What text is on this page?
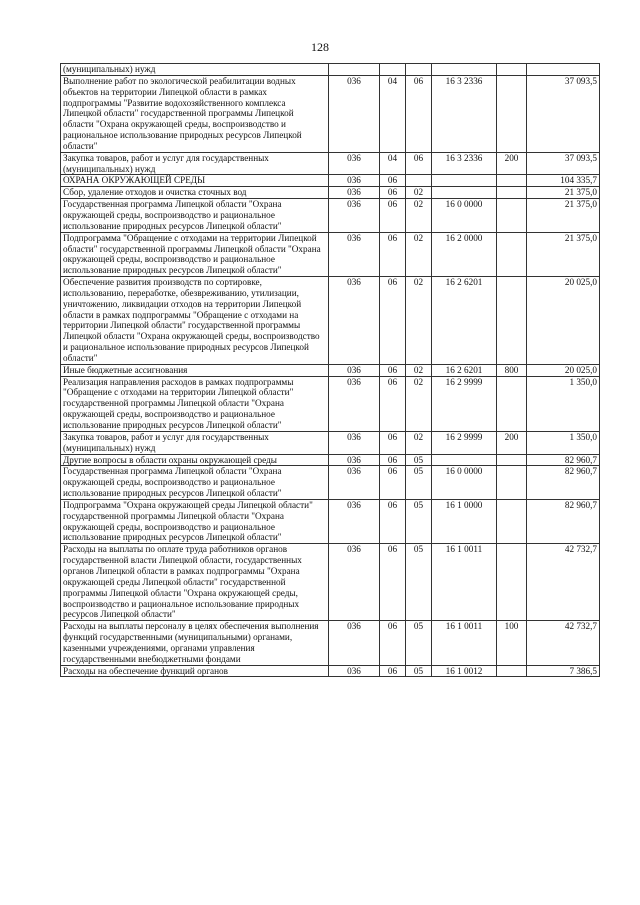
128
(муниципальных) нужд						
Выполнение работ по экологической реабилитации водных объектов на территории Липецкой области в рамках подпрограммы "Развитие водохозяйственного комплекса Липецкой области" государственной программы Липецкой области "Охрана окружающей среды, воспроизводство и рациональное использование природных ресурсов Липецкой области"	036	04	06	16 3 2336		37 093,5
Закупка товаров, работ и услуг для государственных (муниципальных) нужд	036	04	06	16 3 2336	200	37 093,5
ОХРАНА ОКРУЖАЮЩЕЙ СРЕДЫ	036	06				104 335,7
Сбор, удаление отходов и очистка сточных вод	036	06	02			21 375,0
Государственная программа Липецкой области "Охрана окружающей среды, воспроизводство и рациональное использование природных ресурсов Липецкой области"	036	06	02	16 0 0000		21 375,0
Подпрограмма "Обращение с отходами на территории Липецкой области" государственной программы Липецкой области "Охрана окружающей среды, воспроизводство и рациональное использование природных ресурсов Липецкой области"	036	06	02	16 2 0000		21 375,0
Обеспечение развития производств по сортировке, использованию, переработке, обезвреживанию, утилизации, уничтожению, ликвидации отходов на территории Липецкой области в рамках подпрограммы "Обращение с отходами на территории Липецкой области" государственной программы Липецкой области "Охрана окружающей среды, воспроизводство и рациональное использование природных ресурсов Липецкой области"	036	06	02	16 2 6201		20 025,0
Иные бюджетные ассигнования	036	06	02	16 2 6201	800	20 025,0
Реализация направления расходов в рамках подпрограммы "Обращение с отходами на территории Липецкой области" государственной программы Липецкой области "Охрана окружающей среды, воспроизводство и рациональное использование природных ресурсов Липецкой области"	036	06	02	16 2 9999		1 350,0
Закупка товаров, работ и услуг для государственных (муниципальных) нужд	036	06	02	16 2 9999	200	1 350,0
Другие вопросы в области охраны окружающей среды	036	06	05			82 960,7
Государственная программа Липецкой области "Охрана окружающей среды, воспроизводство и рациональное использование природных ресурсов Липецкой области"	036	06	05	16 0 0000		82 960,7
Подпрограмма "Охрана окружающей среды Липецкой области" государственной программы Липецкой области "Охрана окружающей среды, воспроизводство и рациональное использование природных ресурсов Липецкой области"	036	06	05	16 1 0000		82 960,7
Расходы на выплаты по оплате труда работников органов государственной власти Липецкой области, государственных органов Липецкой области в рамках подпрограммы "Охрана окружающей среды Липецкой области" государственной программы Липецкой области "Охрана окружающей среды, воспроизводство и рациональное использование природных ресурсов Липецкой области"	036	06	05	16 1 0011		42 732,7
Расходы на выплаты персоналу в целях обеспечения выполнения функций государственными (муниципальными) органами, казенными учреждениями, органами управления государственными внебюджетными фондами	036	06	05	16 1 0011	100	42 732,7
Расходы на обеспечение функций органов	036	06	05	16 1 0012		7 386,5
